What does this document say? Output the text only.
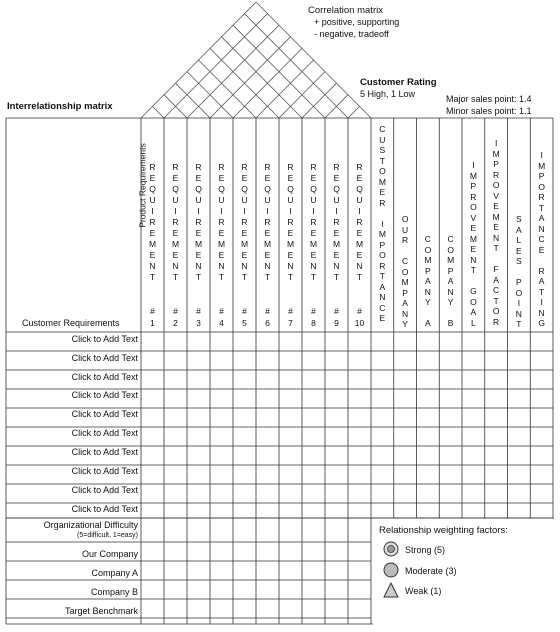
Correlation matrix
+ positive, supporting
- negative, tradeoff
Customer Rating
5 High, 1 Low	Major sales point: 1.4
Minor sales point: 1.1
Interrelationship matrix
Product Requirements
Customer Requirements
R
E
Q
U
I
R
E
M
E
N
T
#
1
R
E
Q
U
I
R
E
M
E
N
T
#
2
R
E
Q
U
I
R
E
M
E
N
T
#
3
R
E
Q
U
I
R
E
M
E
N
T
#
4
R
E
Q
U
I
R
E
M
E
N
T
#
5
R
E
Q
U
I
R
E
M
E
N
T
#
6
R
E
Q
U
I
R
E
M
E
N
T
#
7
R
E
Q
U
I
R
E
M
E
N
T
#
8
R
E
Q
U
I
R
E
M
E
N
T
#
9
R
E
Q
U
I
R
E
M
E
N
T
#
10
C
U
S
T
O
M
E
R

I
M
P
O
R
T
A
N
C
E
O
U
R

C
O
M
P
A
N
Y
C
O
M
P
A
N
Y

A
C
O
M
P
A
N
Y

B
I
M
P
R
O
V
E
M
E
N
T

G
O
A
L
I
M
P
R
O
V
E
M
E
N
T

F
A
C
T
O
R
S
A
L
E
S

P
O
I
N
T
I
M
P
O
R
T
A
N
C
E

R
A
T
I
N
G
Click to Add Text
Click to Add Text
Click to Add Text
Click to Add Text
Click to Add Text
Click to Add Text
Click to Add Text
Click to Add Text
Click to Add Text
Click to Add Text
Organizational Difficulty
(5=difficult, 1=easy)
Our Company
Company A
Company B
Target Benchmark
Relationship weighting factors:
Strong (5)
Moderate (3)
Weak (1)
